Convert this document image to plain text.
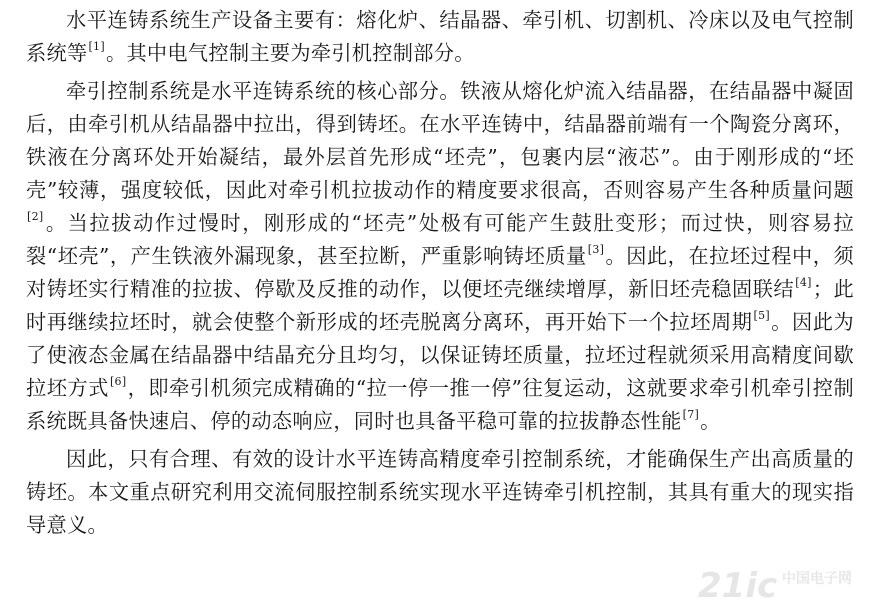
水平连铸系统生产设备主要有：熔化炉、结晶器、牵引机、切割机、冷床以及电气控制系统等[1]。其中电气控制主要为牵引机控制部分。

牵引控制系统是水平连铸系统的核心部分。铁液从熔化炉流入结晶器，在结晶器中凝固后，由牵引机从结晶器中拉出，得到铸坯。在水平连铸中，结晶器前端有一个陶瓷分离环，铁液在分离环处开始凝结，最外层首先形成“坯壳”，包裹内层“液芯”。由于刚形成的“坯壳”较薄，强度较低，因此对牵引机拉拔动作的精度要求很高，否则容易产生各种质量问题[2]。当拉拔动作过慢时，刚形成的“坯壳”处极有可能产生鼓肚变形；而过快，则容易拉裂“坯壳”，产生铁液外漏现象，甚至拉断，严重影响铸坯质量[3]。因此，在拉坯过程中，须对铸坯实行精准的拉拔、停歇及反推的动作，以便坯壳继续增厚，新旧坯壳稳固联结[4]；此时再继续拉坯时，就会使整个新形成的坯壳脱离分离环，再开始下一个拉坯周期[5]。因此为了使液态金属在结晶器中结晶充分且均匀，以保证铸坯质量，拉坯过程就须采用高精度间歇拉坯方式[6]，即牵引机须完成精确的“拉一停一推一停”往复运动，这就要求牵引机牵引控制系统既具备快速启、停的动态响应，同时也具备平稳可靠的拉拔静态性能[7]。

因此，只有合理、有效的设计水平连铸高精度牵引控制系统，才能确保生产出高质量的铸坯。本文重点研究利用交流伺服控制系统实现水平连铸牵引机控制，其具有重大的现实指导意义。

21ic 中国电子网
